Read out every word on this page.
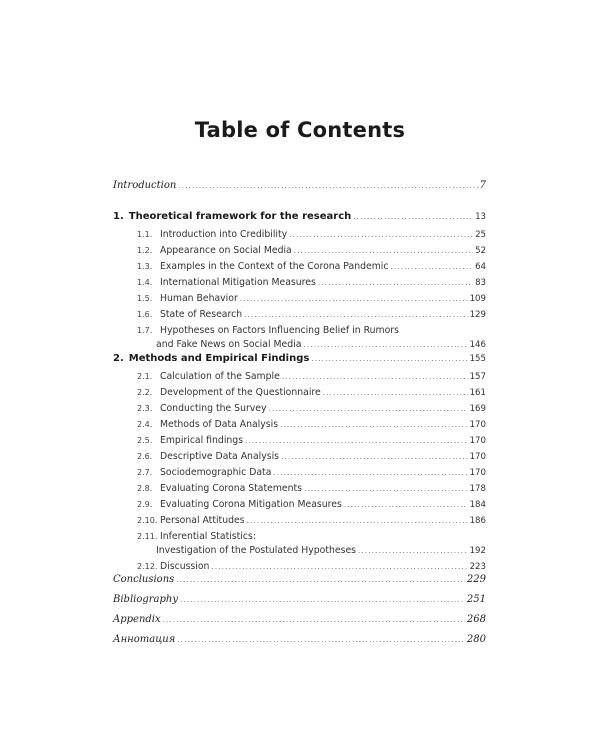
Table of Contents
Introduction .....	7
1. Theoretical framework for the research .....	13
1.1. Introduction into Credibility .....	25
1.2. Appearance on Social Media .....	52
1.3. Examples in the Context of the Corona Pandemic .....	64
1.4. International Mitigation Measures .....	83
1.5. Human Behavior .....	109
1.6. State of Research .....	129
1.7. Hypotheses on Factors Influencing Belief in Rumors
and Fake News on Social Media .....	146
2. Methods and Empirical Findings .....	155
2.1. Calculation of the Sample .....	157
2.2. Development of the Questionnaire .....	161
2.3. Conducting the Survey .....	169
2.4. Methods of Data Analysis .....	170
2.5. Empirical findings .....	170
2.6. Descriptive Data Analysis .....	170
2.7. Sociodemographic Data .....	170
2.8. Evaluating Corona Statements .....	178
2.9. Evaluating Corona Mitigation Measures .....	184
2.10. Personal Attitudes .....	186
2.11. Inferential Statistics:
Investigation of the Postulated Hypotheses .....	192
2.12. Discussion .....	223
Conclusions .....	229
Bibliography .....	251
Appendix .....	268
Аннотация .....	280
